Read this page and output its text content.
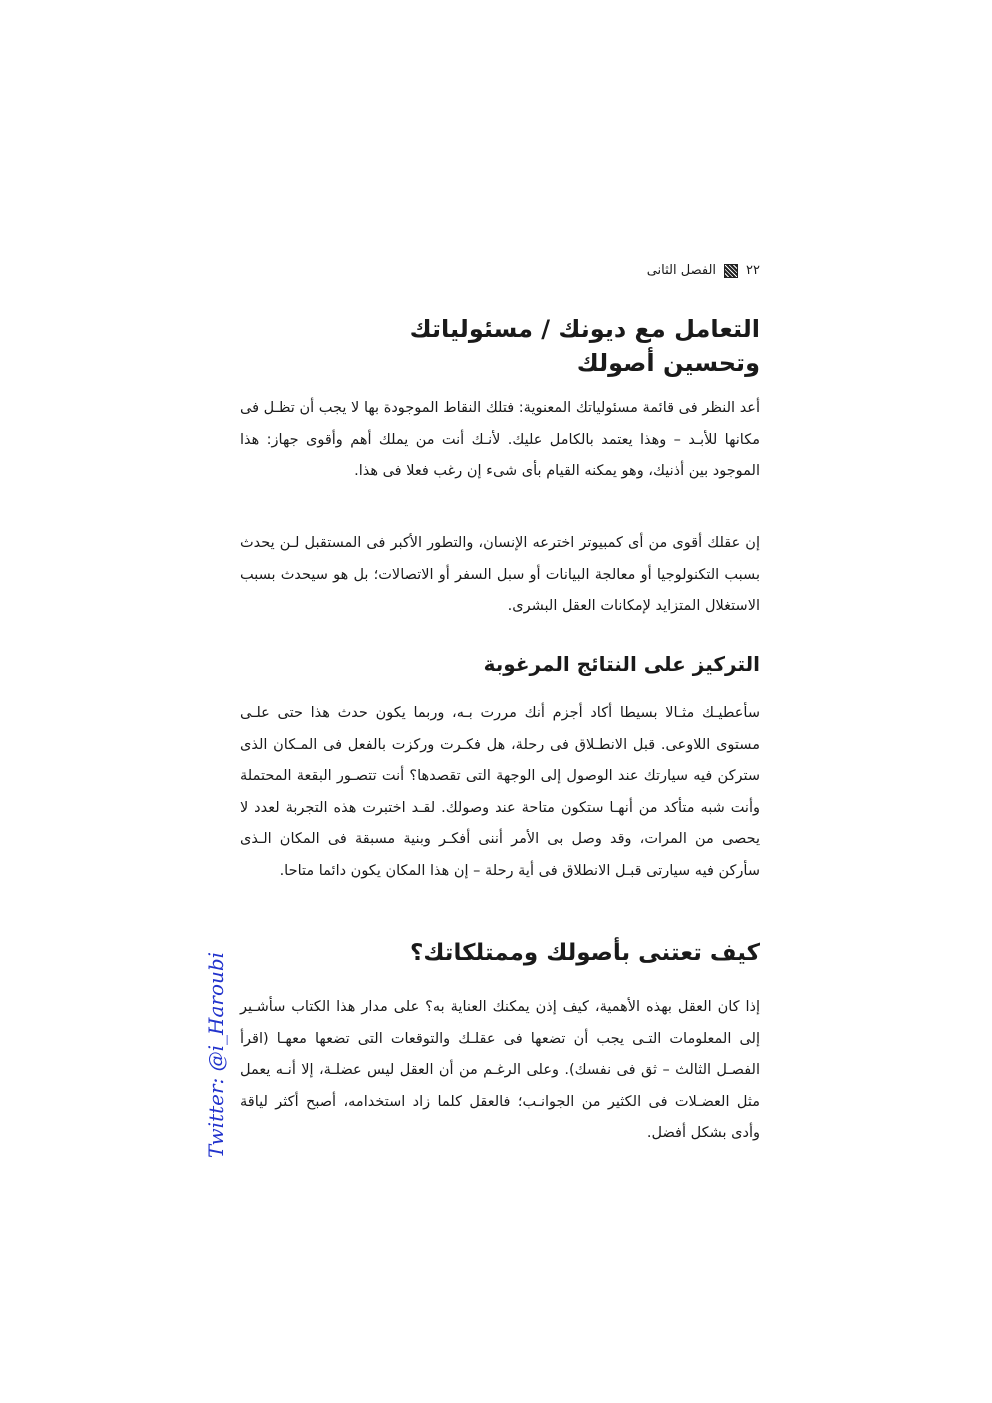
٢٢
الفصل الثانى
التعامل مع ديونك / مسئولياتك
وتحسين أصولك
أعد النظر فى قائمة مسئولياتك المعنوية: فتلك النقاط الموجودة بها لا يجب أن تظـل فى مكانها للأبـد – وهذا يعتمد بالكامل عليك. لأنـك أنت من يملك أهم وأقوى جهاز: هذا الموجود بين أذنيك، وهو يمكنه القيام بأى شىء إن رغب فعلا فى هذا.
إن عقلك أقوى من أى كمبيوتر اخترعه الإنسان، والتطور الأكبر فى المستقبل لـن يحدث بسبب التكنولوجيا أو معالجة البيانات أو سبل السفر أو الاتصالات؛ بل هو سيحدث بسبب الاستغلال المتزايد لإمكانات العقل البشرى.
التركيز على النتائج المرغوبة
سأعطيـك مثـالا بسيطا أكاد أجزم أنك مررت بـه، وربما يكون حدث هذا حتى علـى مستوى اللاوعى. قبل الانطـلاق فى رحلة، هل فكـرت وركزت بالفعل فى المـكان الذى ستركن فيه سيارتك عند الوصول إلى الوجهة التى تقصدها؟ أنت تتصـور البقعة المحتملة وأنت شبه متأكد من أنهـا ستكون متاحة عند وصولك. لقـد اختبرت هذه التجربة لعدد لا يحصى من المرات، وقد وصل بى الأمر أننى أفكـر وبنية مسبقة فى المكان الـذى سأركن فيه سيارتى قبـل الانطلاق فى أية رحلة – إن هذا المكان يكون دائما متاحا.
كيف تعتنى بأصولك وممتلكاتك؟
إذا كان العقل بهذه الأهمية، كيف إذن يمكنك العناية به؟ على مدار هذا الكتاب سأشـير إلى المعلومات التـى يجب أن تضعها فى عقلـك والتوقعات التى تضعها معهـا (اقرأ الفصـل الثالث – ثق فى نفسك). وعلى الرغـم من أن العقل ليس عضلـة، إلا أنـه يعمل مثل العضـلات فى الكثير من الجوانـب؛ فالعقل كلما زاد استخدامه، أصبح أكثر لياقة وأدى بشكل أفضل.
Twitter: @i_Haroubi
